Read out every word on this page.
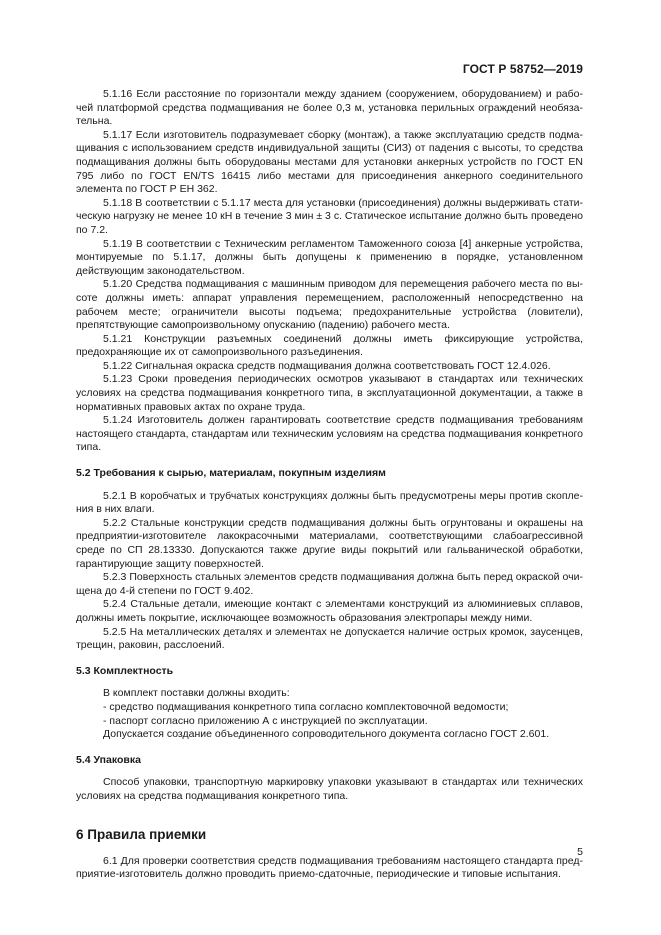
ГОСТ Р 58752—2019

5.1.16 Если расстояние по горизонтали между зданием (сооружением, оборудованием) и рабочей платформой средства подмащивания не более 0,3 м, установка перильных ограждений необязательна.

5.1.17 Если изготовитель подразумевает сборку (монтаж), а также эксплуатацию средств подмащивания с использованием средств индивидуальной защиты (СИЗ) от падения с высоты, то средства подмащивания должны быть оборудованы местами для установки анкерных устройств по ГОСТ EN 795 либо по ГОСТ EN/TS 16415 либо местами для присоединения анкерного соединительного элемента по ГОСТ Р ЕН 362.

5.1.18 В соответствии с 5.1.17 места для установки (присоединения) должны выдерживать статическую нагрузку не менее 10 кН в течение 3 мин ± 3 с. Статическое испытание должно быть проведено по 7.2.

5.1.19 В соответствии с Техническим регламентом Таможенного союза [4] анкерные устройства, монтируемые по 5.1.17, должны быть допущены к применению в порядке, установленном действующим законодательством.

5.1.20 Средства подмащивания с машинным приводом для перемещения рабочего места по высоте должны иметь: аппарат управления перемещением, расположенный непосредственно на рабочем месте; ограничители высоты подъема; предохранительные устройства (ловители), препятствующие самопроизвольному опусканию (падению) рабочего места.

5.1.21 Конструкции разъемных соединений должны иметь фиксирующие устройства, предохраняющие их от самопроизвольного разъединения.

5.1.22 Сигнальная окраска средств подмащивания должна соответствовать ГОСТ 12.4.026.

5.1.23 Сроки проведения периодических осмотров указывают в стандартах или технических условиях на средства подмащивания конкретного типа, в эксплуатационной документации, а также в нормативных правовых актах по охране труда.

5.1.24 Изготовитель должен гарантировать соответствие средств подмащивания требованиям настоящего стандарта, стандартам или техническим условиям на средства подмащивания конкретного типа.

5.2 Требования к сырью, материалам, покупным изделиям

5.2.1 В коробчатых и трубчатых конструкциях должны быть предусмотрены меры против скопления в них влаги.

5.2.2 Стальные конструкции средств подмащивания должны быть огрунтованы и окрашены на предприятии-изготовителе лакокрасочными материалами, соответствующими слабоагрессивной среде по СП 28.13330. Допускаются также другие виды покрытий или гальванической обработки, гарантирующие защиту поверхностей.

5.2.3 Поверхность стальных элементов средств подмащивания должна быть перед окраской очищена до 4-й степени по ГОСТ 9.402.

5.2.4 Стальные детали, имеющие контакт с элементами конструкций из алюминиевых сплавов, должны иметь покрытие, исключающее возможность образования электропары между ними.

5.2.5 На металлических деталях и элементах не допускается наличие острых кромок, заусенцев, трещин, раковин, расслоений.

5.3 Комплектность

В комплект поставки должны входить:

- средство подмащивания конкретного типа согласно комплектовочной ведомости;

- паспорт согласно приложению А с инструкцией по эксплуатации.

Допускается создание объединенного сопроводительного документа согласно ГОСТ 2.601.

5.4 Упаковка

Способ упаковки, транспортную маркировку упаковки указывают в стандартах или технических условиях на средства подмащивания конкретного типа.

6 Правила приемки

6.1 Для проверки соответствия средств подмащивания требованиям настоящего стандарта предприятие-изготовитель должно проводить приемо-сдаточные, периодические и типовые испытания.

5
